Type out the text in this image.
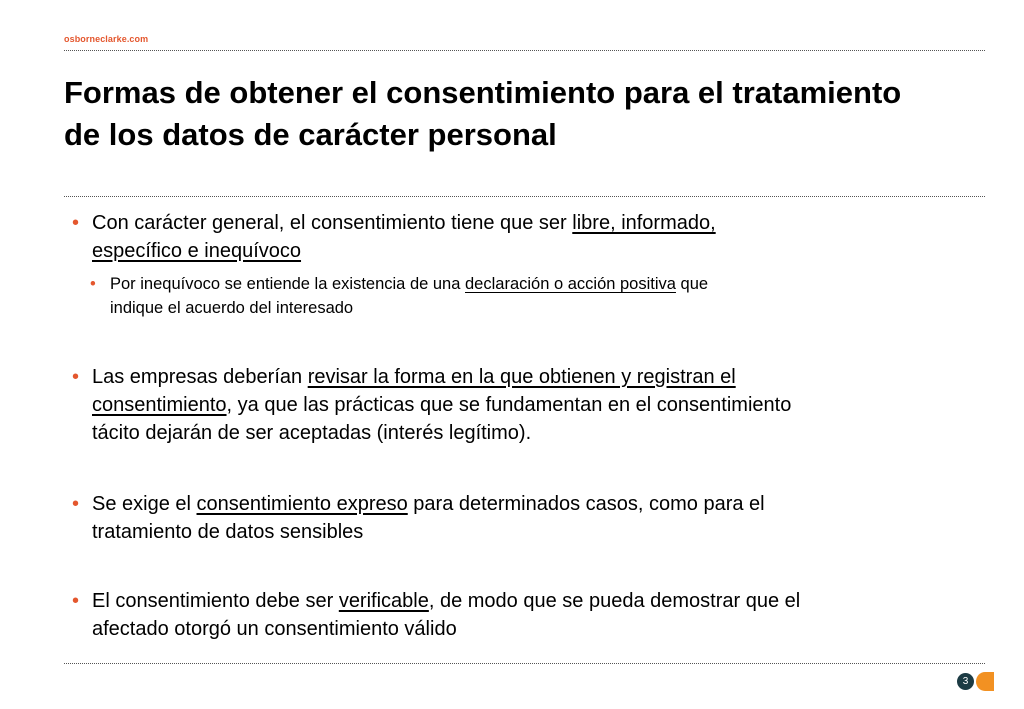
osborneclarke.com
Formas de obtener el consentimiento para el tratamiento
de los datos de carácter personal
• Con carácter general, el consentimiento tiene que ser libre, informado,
específico e inequívoco
• Por inequívoco se entiende la existencia de una declaración o acción positiva que
indique el acuerdo del interesado
• Las empresas deberían revisar la forma en la que obtienen y registran el
consentimiento, ya que las prácticas que se fundamentan en el consentimiento
tácito dejarán de ser aceptadas (interés legítimo).
• Se exige el consentimiento expreso para determinados casos, como para el
tratamiento de datos sensibles
• El consentimiento debe ser verificable, de modo que se pueda demostrar que el
afectado otorgó un consentimiento válido
3
